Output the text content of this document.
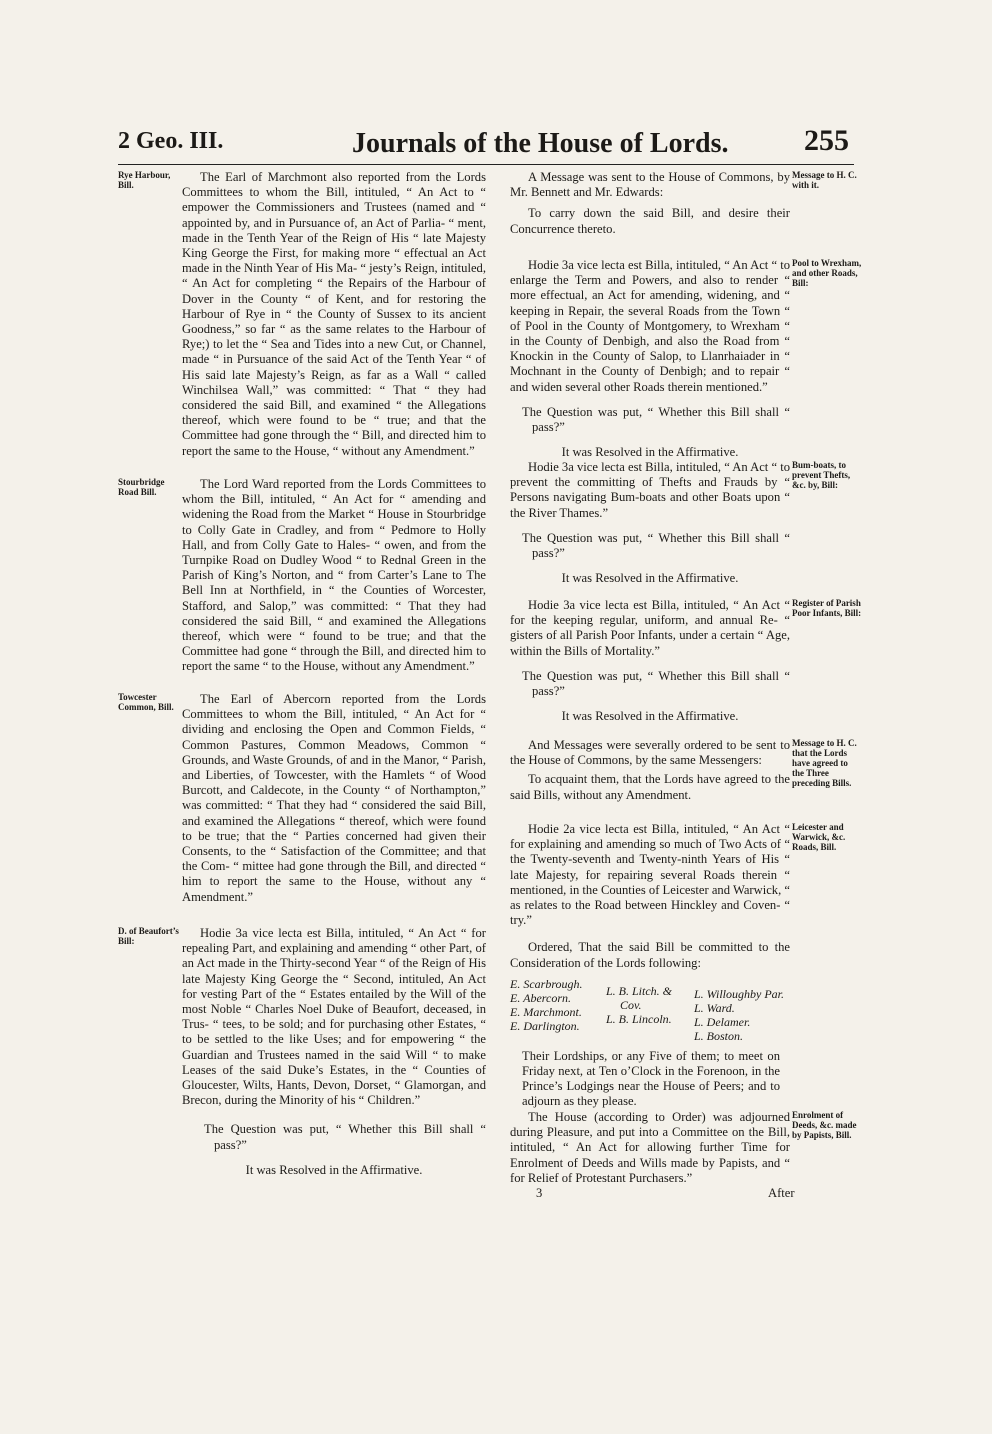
2 Geo. III.	Journals of the House of Lords.	255
Rye Harbour, Bill.
Stourbridge Road Bill.
Towcester Common, Bill.
D. of Beaufort’s Bill:

The Earl of Marchmont also reported from the Lords Committees to whom the Bill, intituled, “ An Act to “ empower the Commissioners and Trustees (named and “ appointed by, and in Pursuance of, an Act of Parlia- “ ment, made in the Tenth Year of the Reign of His “ late Majesty King George the First, for making more “ effectual an Act made in the Ninth Year of His Ma- “ jesty’s Reign, intituled, “ An Act for completing “ the Repairs of the Harbour of Dover in the County “ of Kent, and for restoring the Harbour of Rye in “ the County of Sussex to its ancient Goodness,” so far “ as the same relates to the Harbour of Rye;) to let the “ Sea and Tides into a new Cut, or Channel, made “ in Pursuance of the said Act of the Tenth Year “ of His said late Majesty’s Reign, as far as a Wall “ called Winchilsea Wall,” was committed: “ That “ they had considered the said Bill, and examined “ the Allegations thereof, which were found to be “ true; and that the Committee had gone through the “ Bill, and directed him to report the same to the House, “ without any Amendment.”

The Lord Ward reported from the Lords Committees to whom the Bill, intituled, “ An Act for “ amending and widening the Road from the Market “ House in Stourbridge to Colly Gate in Cradley, and from “ Pedmore to Holly Hall, and from Colly Gate to Hales- “ owen, and from the Turnpike Road on Dudley Wood “ to Rednal Green in the Parish of King’s Norton, and “ from Carter’s Lane to The Bell Inn at Northfield, in “ the Counties of Worcester, Stafford, and Salop,” was committed: “ That they had considered the said Bill, “ and examined the Allegations thereof, which were “ found to be true; and that the Committee had gone “ through the Bill, and directed him to report the same “ to the House, without any Amendment.”

The Earl of Abercorn reported from the Lords Committees to whom the Bill, intituled, “ An Act for “ dividing and enclosing the Open and Common Fields, “ Common Pastures, Common Meadows, Common “ Grounds, and Waste Grounds, of and in the Manor, “ Parish, and Liberties, of Towcester, with the Hamlets “ of Wood Burcott, and Caldecote, in the County “ of Northampton,” was committed: “ That they had “ considered the said Bill, and examined the Allegations “ thereof, which were found to be true; that the “ Parties concerned had given their Consents, to the “ Satisfaction of the Committee; and that the Com- “ mittee had gone through the Bill, and directed “ him to report the same to the House, without any “ Amendment.”

Hodie 3a vice lecta est Billa, intituled, “ An Act “ for repealing Part, and explaining and amending “ other Part, of an Act made in the Thirty-second Year “ of the Reign of His late Majesty King George the “ Second, intituled, An Act for vesting Part of the “ Estates entailed by the Will of the most Noble “ Charles Noel Duke of Beaufort, deceased, in Trus- “ tees, to be sold; and for purchasing other Estates, “ to be settled to the like Uses; and for empowering “ the Guardian and Trustees named in the said Will “ to make Leases of the said Duke’s Estates, in the “ Counties of Gloucester, Wilts, Hants, Devon, Dorset, “ Glamorgan, and Brecon, during the Minority of his “ Children.”

The Question was put, “ Whether this Bill shall “ pass?”

It was Resolved in the Affirmative.

Message to H. C. with it.
Pool to Wrexham, and other Roads, Bill:
Bum-boats, to prevent Thefts, &c. by, Bill:
Register of Parish Poor Infants, Bill:
Message to H. C. that the Lords have agreed to the Three preceding Bills.
Leicester and Warwick, &c. Roads, Bill.
Enrolment of Deeds, &c. made by Papists, Bill.

A Message was sent to the House of Commons, by Mr. Bennett and Mr. Edwards:

To carry down the said Bill, and desire their Concurrence thereto.

Hodie 3a vice lecta est Billa, intituled, “ An Act “ to enlarge the Term and Powers, and also to render “ more effectual, an Act for amending, widening, and “ keeping in Repair, the several Roads from the Town “ of Pool in the County of Montgomery, to Wrexham “ in the County of Denbigh, and also the Road from “ Knockin in the County of Salop, to Llanrhaiader in “ Mochnant in the County of Denbigh; and to repair “ and widen several other Roads therein mentioned.”

The Question was put, “ Whether this Bill shall “ pass?”

It was Resolved in the Affirmative.

Hodie 3a vice lecta est Billa, intituled, “ An Act “ to prevent the committing of Thefts and Frauds by “ Persons navigating Bum-boats and other Boats upon “ the River Thames.”

The Question was put, “ Whether this Bill shall “ pass?”

It was Resolved in the Affirmative.

Hodie 3a vice lecta est Billa, intituled, “ An Act “ for the keeping regular, uniform, and annual Re- “ gisters of all Parish Poor Infants, under a certain “ Age, within the Bills of Mortality.”

The Question was put, “ Whether this Bill shall “ pass?”

It was Resolved in the Affirmative.

And Messages were severally ordered to be sent to the House of Commons, by the same Messengers:

To acquaint them, that the Lords have agreed to the said Bills, without any Amendment.

Hodie 2a vice lecta est Billa, intituled, “ An Act “ for explaining and amending so much of Two Acts of “ the Twenty-seventh and Twenty-ninth Years of His “ late Majesty, for repairing several Roads therein “ mentioned, in the Counties of Leicester and Warwick, “ as relates to the Road between Hinckley and Coven- “ try.”

Ordered, That the said Bill be committed to the Consideration of the Lords following:

E. Scarbrough.
E. Abercorn.
E. Marchmont.
E. Darlington.
L. B. Litch. &
Cov.
L. B. Lincoln.
L. Willoughby Par.
L. Ward.
L. Delamer.
L. Boston.

Their Lordships, or any Five of them; to meet on Friday next, at Ten o’Clock in the Forenoon, in the Prince’s Lodgings near the House of Peers; and to adjourn as they please.

The House (according to Order) was adjourned during Pleasure, and put into a Committee on the Bill, intituled, “ An Act for allowing further Time for Enrolment of Deeds and Wills made by Papists, and “ for Relief of Protestant Purchasers.”

3	After
